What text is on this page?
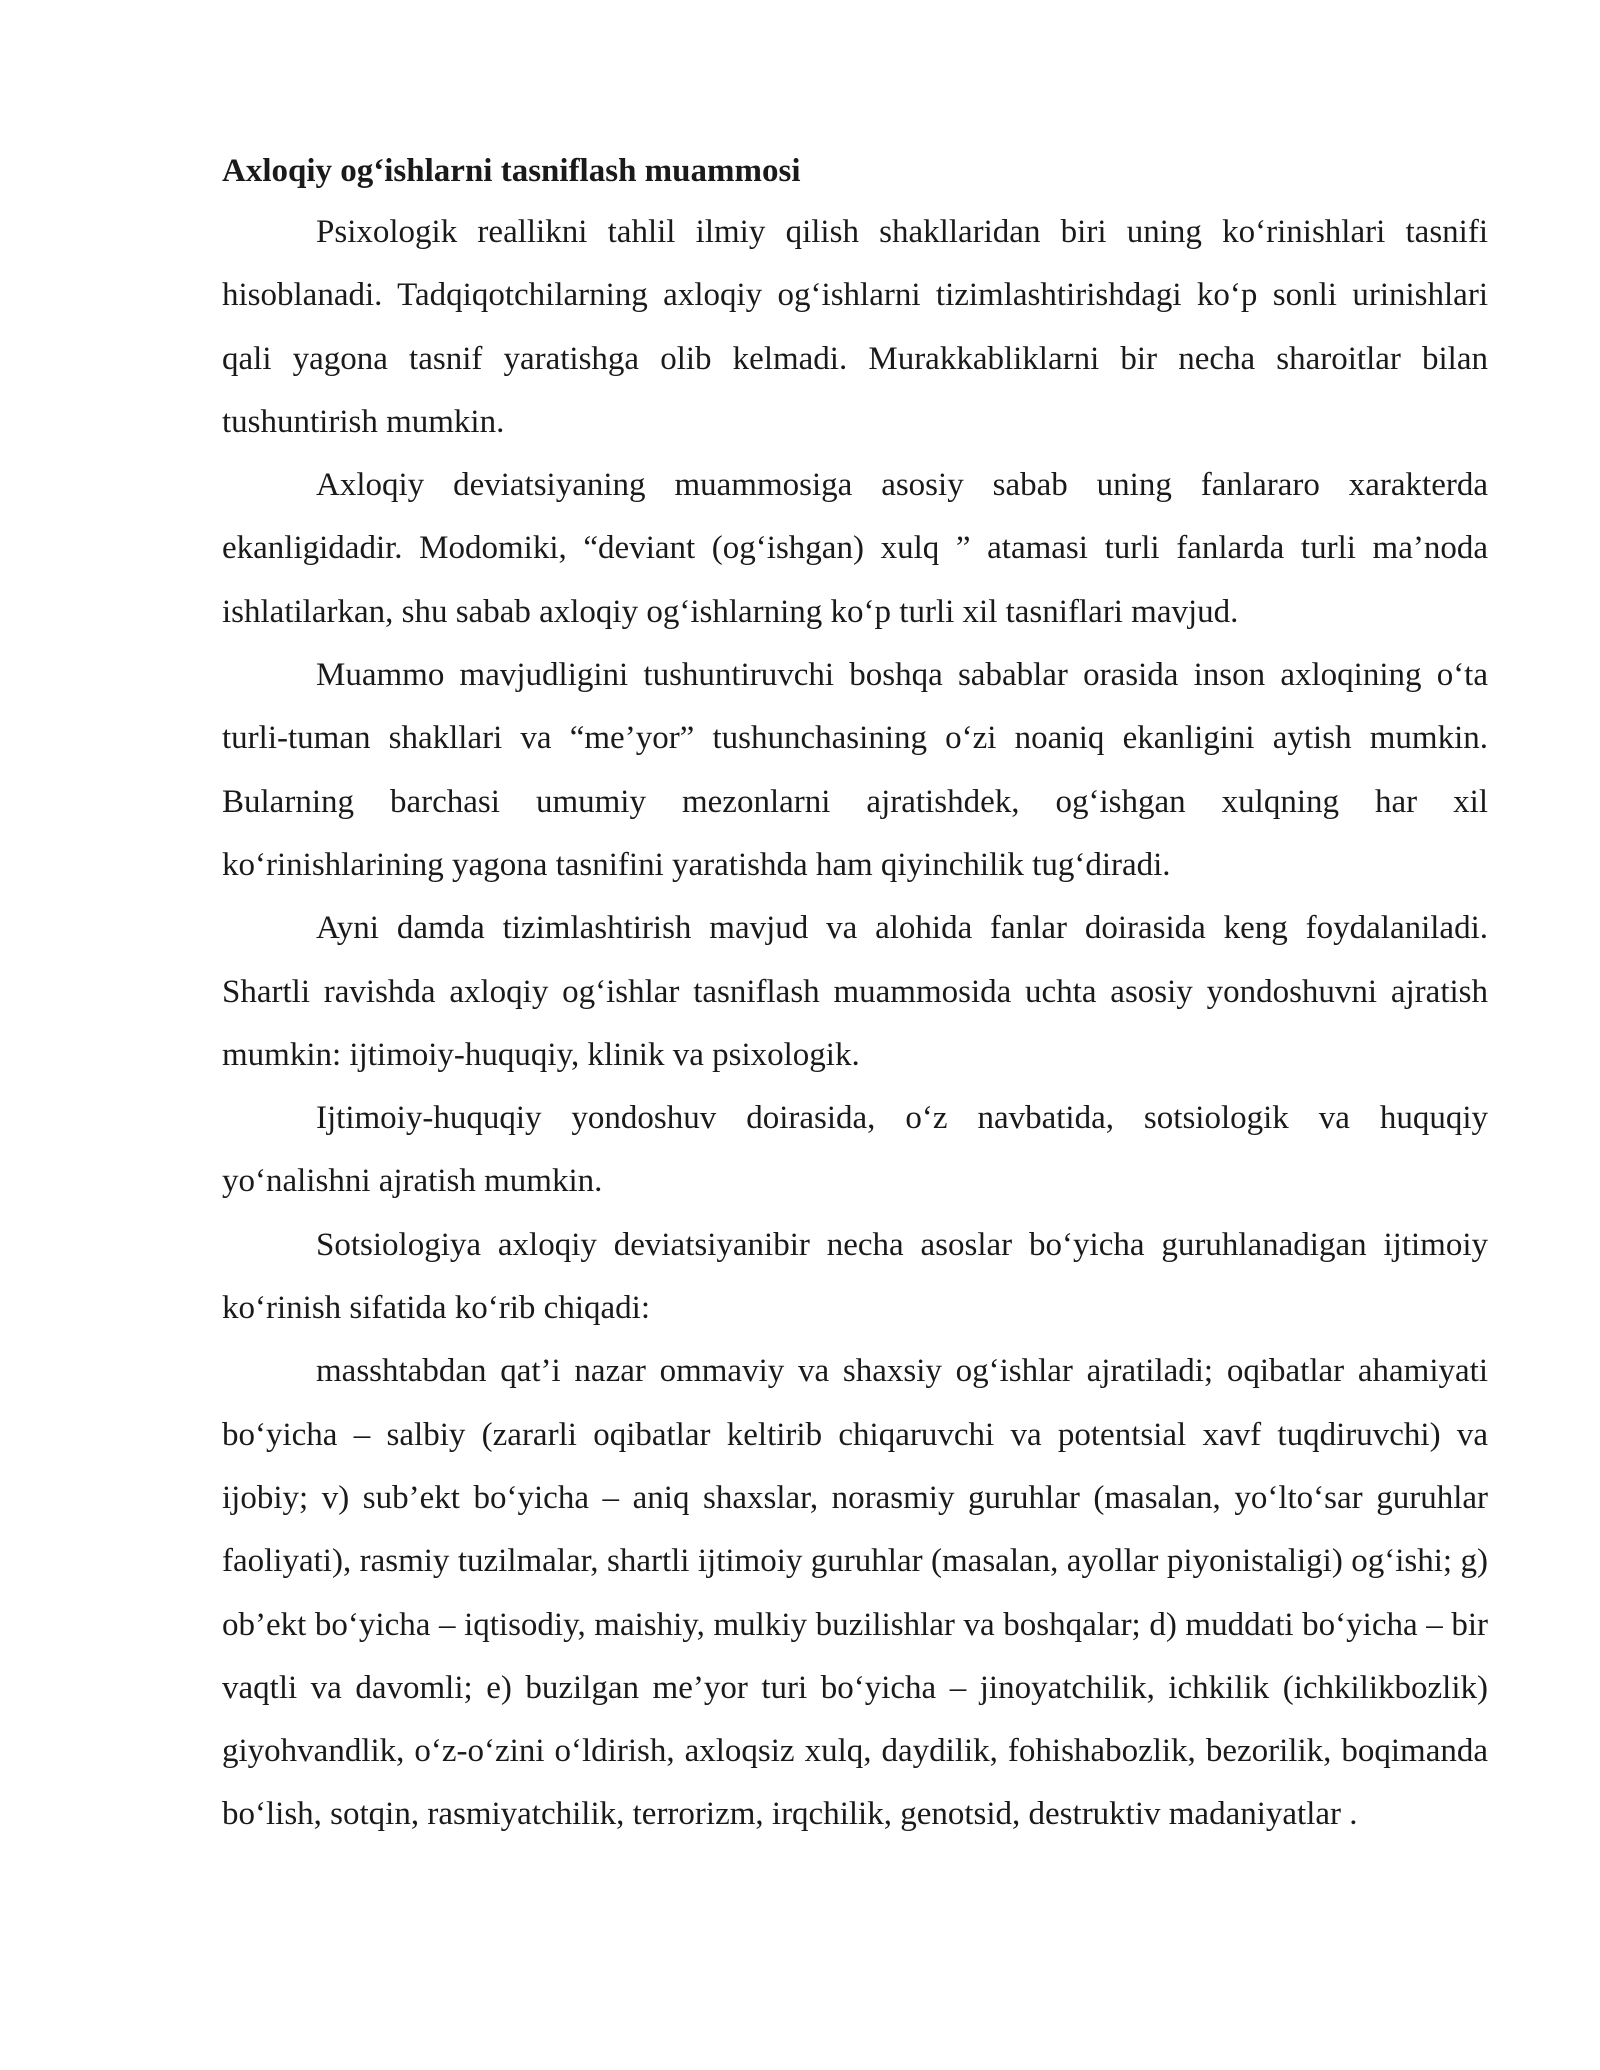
Axloqiy og‘ishlarni tasniflash muammosi

Psixologik reallikni tahlil ilmiy qilish shakllaridan biri uning ko‘rinishlari tasnifi hisoblanadi. Tadqiqotchilarning axloqiy og‘ishlarni tizimlashtirishdagi ko‘p sonli urinishlari qali yagona tasnif yaratishga olib kelmadi. Murakkabliklarni bir necha sharoitlar bilan tushuntirish mumkin.

Axloqiy deviatsiyaning muammosiga asosiy sabab uning fanlararo xarakterda ekanligidadir. Modomiki, “deviant (og‘ishgan) xulq ” atamasi turli fanlarda turli ma’noda ishlatilarkan, shu sabab axloqiy og‘ishlarning ko‘p turli xil tasniflari mavjud.

Muammo mavjudligini tushuntiruvchi boshqa sabablar orasida inson axloqining o‘ta turli-tuman shakllari va “me’yor” tushunchasining o‘zi noaniq ekanligini aytish mumkin. Bularning barchasi umumiy mezonlarni ajratishdek, og‘ishgan xulqning har xil ko‘rinishlarining yagona tasnifini yaratishda ham qiyinchilik tug‘diradi.

Ayni damda tizimlashtirish mavjud va alohida fanlar doirasida keng foydalaniladi. Shartli ravishda axloqiy og‘ishlar tasniflash muammosida uchta asosiy yondoshuvni ajratish mumkin: ijtimoiy-huquqiy, klinik va psixologik.

Ijtimoiy-huquqiy yondoshuv doirasida, o‘z navbatida, sotsiologik va huquqiy yo‘nalishni ajratish mumkin.

Sotsiologiya axloqiy deviatsiyanibir necha asoslar bo‘yicha guruhlanadigan ijtimoiy ko‘rinish sifatida ko‘rib chiqadi:

masshtabdan qat’i nazar ommaviy va shaxsiy og‘ishlar ajratiladi; oqibatlar ahamiyati bo‘yicha – salbiy (zararli oqibatlar keltirib chiqaruvchi va potentsial xavf tuqdiruvchi) va ijobiy; v) sub’ekt bo‘yicha – aniq shaxslar, norasmiy guruhlar (masalan, yo‘lto‘sar guruhlar faoliyati), rasmiy tuzilmalar, shartli ijtimoiy guruhlar (masalan, ayollar piyonistaligi) og‘ishi; g) ob’ekt bo‘yicha – iqtisodiy, maishiy, mulkiy buzilishlar va boshqalar; d) muddati bo‘yicha – bir vaqtli va davomli; e) buzilgan me’yor turi bo‘yicha – jinoyatchilik, ichkilik (ichkilikbozlik) giyohvandlik, o‘z-o‘zini o‘ldirish, axloqsiz xulq, daydilik, fohishabozlik, bezorilik, boqimanda bo‘lish, sotqin, rasmiyatchilik, terrorizm, irqchilik, genotsid, destruktiv madaniyatlar .
